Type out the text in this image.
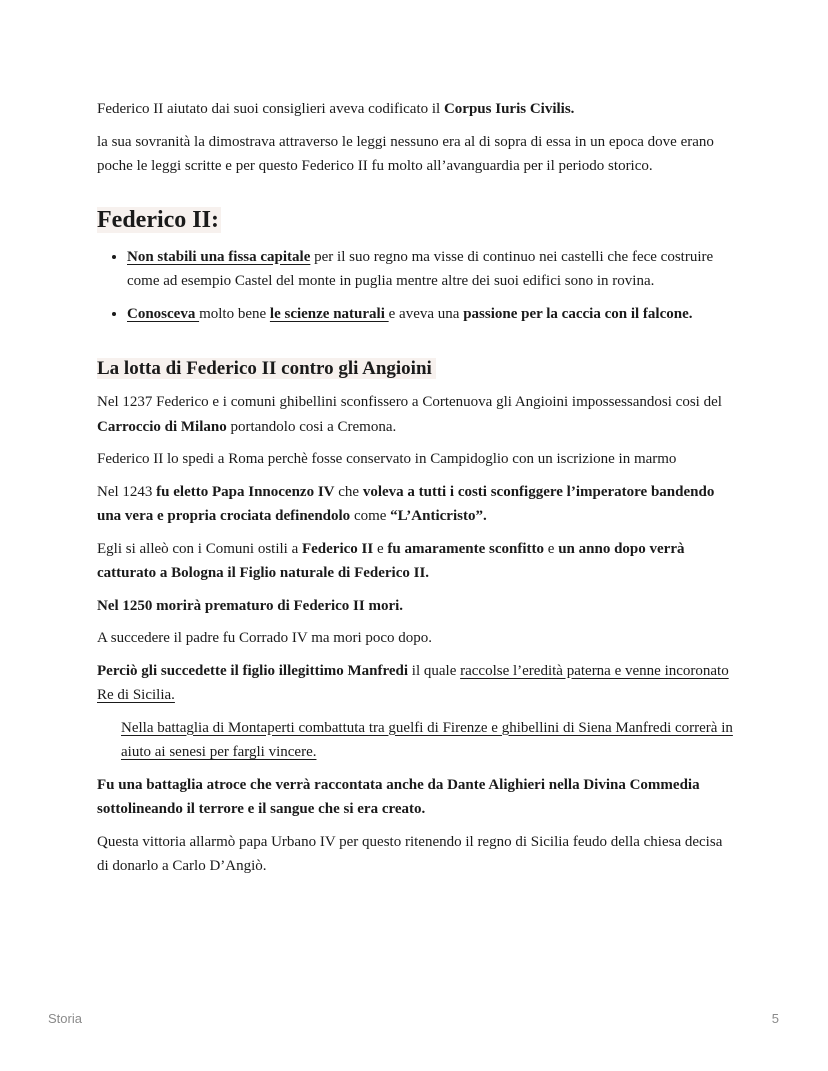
Federico II aiutato dai suoi consiglieri aveva codificato il Corpus Iuris Civilis.

la sua sovranità la dimostrava attraverso le leggi nessuno era al di sopra di essa in un epoca dove erano poche le leggi scritte e per questo Federico II fu molto all’avanguardia per il periodo storico.

Federico II:
• Non stabili una fissa capitale per il suo regno ma visse di continuo nei castelli che fece costruire come ad esempio Castel del monte in puglia mentre altre dei suoi edifici sono in rovina.
• Conosceva molto bene le scienze naturali e aveva una passione per la caccia con il falcone.
La lotta di Federico II contro gli Angioini

Nel 1237 Federico e i comuni ghibellini sconfissero a Cortenuova gli Angioini impossessandosi cosi del Carroccio di Milano portandolo cosi a Cremona.

Federico II lo spedi a Roma perchè fosse conservato in Campidoglio con un iscrizione in marmo

Nel 1243 fu eletto Papa Innocenzo IV che voleva a tutti i costi sconfiggere l’imperatore bandendo una vera e propria crociata definendolo come “L’Anticristo”.

Egli si alleò con i Comuni ostili a Federico II e fu amaramente sconfitto e un anno dopo verrà catturato a Bologna il Figlio naturale di Federico II.

Nel 1250 morirà prematuro di Federico II mori.

A succedere il padre fu Corrado IV ma mori poco dopo.

Perciò gli succedette il figlio illegittimo Manfredi il quale raccolse l’eredità paterna e venne incoronato Re di Sicilia.

Nella battaglia di Montaperti combattuta tra guelfi di Firenze e ghibellini di Siena Manfredi correrà in aiuto ai senesi per fargli vincere.

Fu una battaglia atroce che verrà raccontata anche da Dante Alighieri nella Divina Commedia sottolineando il terrore e il sangue che si era creato.

Questa vittoria allarmò papa Urbano IV per questo ritenendo il regno di Sicilia feudo della chiesa decisa di donarlo a Carlo D’Angiò.

Storia	5
